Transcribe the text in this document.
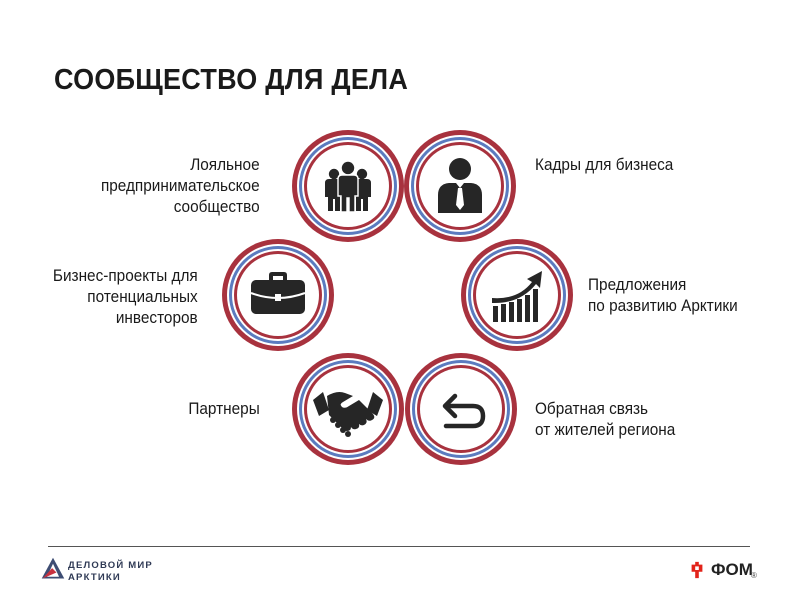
СООБЩЕСТВО ДЛЯ ДЕЛА
Лояльное
предпринимательское
сообщество
Кадры для бизнеса
Бизнес-проекты для
потенциальных
инвесторов
Предложения
по развитию Арктики
Партнеры	Обратная связь
от жителей региона
ДЕЛОВОЙ МИР
АРКТИКИ	ФОМ
®
